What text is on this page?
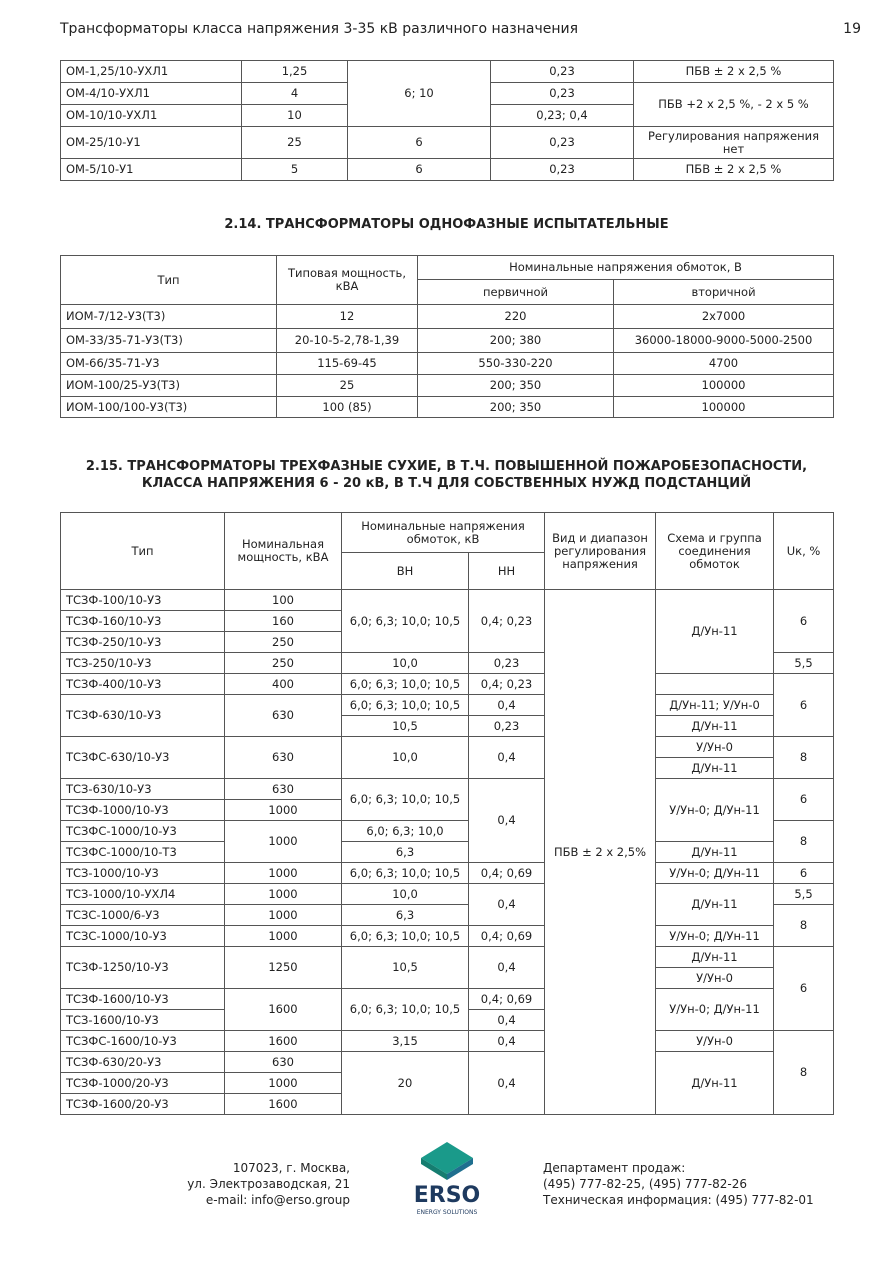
Трансформаторы класса напряжения 3-35 кВ различного назначения	19
ОМ-1,25/10-УХЛ1	1,25	6; 10	0,23	ПБВ ± 2 х 2,5 %
ОМ-4/10-УХЛ1	4		0,23	ПБВ +2 х 2,5 %, - 2 х 5 %
ОМ-10/10-УХЛ1	10		0,23; 0,4	
ОМ-25/10-У1	25	6	0,23	Регулирования напряжения нет
ОМ-5/10-У1	5	6	0,23	ПБВ ± 2 х 2,5 %
2.14. ТРАНСФОРМАТОРЫ ОДНОФАЗНЫЕ ИСПЫТАТЕЛЬНЫЕ
Тип	Типовая мощность, кВА	Номинальные напряжения обмоток, В	
		первичной	вторичной
ИОМ-7/12-У3(Т3)	12	220	2х7000
ОМ-33/35-71-У3(Т3)	20-10-5-2,78-1,39	200; 380	36000-18000-9000-5000-2500
ОМ-66/35-71-У3	115-69-45	550-330-220	4700
ИОМ-100/25-У3(Т3)	25	200; 350	100000
ИОМ-100/100-У3(Т3)	100 (85)	200; 350	100000
2.15. ТРАНСФОРМАТОРЫ ТРЕХФАЗНЫЕ СУХИЕ, В Т.Ч. ПОВЫШЕННОЙ ПОЖАРОБЕЗОПАСНОСТИ,
КЛАССА НАПРЯЖЕНИЯ 6 - 20 кВ, В Т.Ч ДЛЯ СОБСТВЕННЫХ НУЖД ПОДСТАНЦИЙ
Тип	Номинальная мощность, кВА	Номинальные напряжения обмоток, кВ		Вид и диапазон регулирования напряжения	Схема и группа соединения обмоток	Uк, %
		ВН	НН			
ТСЗФ-100/10-У3	100	6,0; 6,3; 10,0; 10,5	0,4; 0,23	ПБВ ± 2 х 2,5%	Д/Ун-11	6
ТСЗФ-160/10-У3	160					
ТСЗФ-250/10-У3	250					
ТСЗ-250/10-У3	250	10,0	0,23			5,5
ТСЗФ-400/10-У3	400	6,0; 6,3; 10,0; 10,5	0,4; 0,23			6
ТСЗФ-630/10-У3	630	6,0; 6,3; 10,0; 10,5	0,4		Д/Ун-11; У/Ун-0	
		10,5	0,23		Д/Ун-11	
ТСЗФС-630/10-У3	630	10,0	0,4		У/Ун-0	8
					Д/Ун-11	
ТСЗ-630/10-У3	630	6,0; 6,3; 10,0; 10,5	0,4		У/Ун-0; Д/Ун-11	6
ТСЗФ-1000/10-У3	1000					
ТСЗФС-1000/10-У3	1000	6,0; 6,3; 10,0				8
ТСЗФС-1000/10-Т3		6,3			Д/Ун-11	
ТСЗ-1000/10-У3	1000	6,0; 6,3; 10,0; 10,5	0,4; 0,69		У/Ун-0; Д/Ун-11	6
ТСЗ-1000/10-УХЛ4	1000	10,0	0,4		Д/Ун-11	5,5
ТСЗС-1000/6-У3	1000	6,3				8
ТСЗС-1000/10-У3	1000	6,0; 6,3; 10,0; 10,5	0,4; 0,69		У/Ун-0; Д/Ун-11	
ТСЗФ-1250/10-У3	1250	10,5	0,4		Д/Ун-11	6
					У/Ун-0	
ТСЗФ-1600/10-У3	1600	6,0; 6,3; 10,0; 10,5	0,4; 0,69		У/Ун-0; Д/Ун-11	
ТСЗ-1600/10-У3			0,4			
ТСЗФС-1600/10-У3	1600	3,15	0,4		У/Ун-0	8
ТСЗФ-630/20-У3	630	20	0,4		Д/Ун-11	
ТСЗФ-1000/20-У3	1000					
ТСЗФ-1600/20-У3	1600					
107023, г. Москва,
ул. Электрозаводская, 21
e-mail: info@erso.group	ERSO
ENERGY SOLUTIONS
Департамент продаж:
(495) 777-82-25, (495) 777-82-26
Техническая информация: (495) 777-82-01
